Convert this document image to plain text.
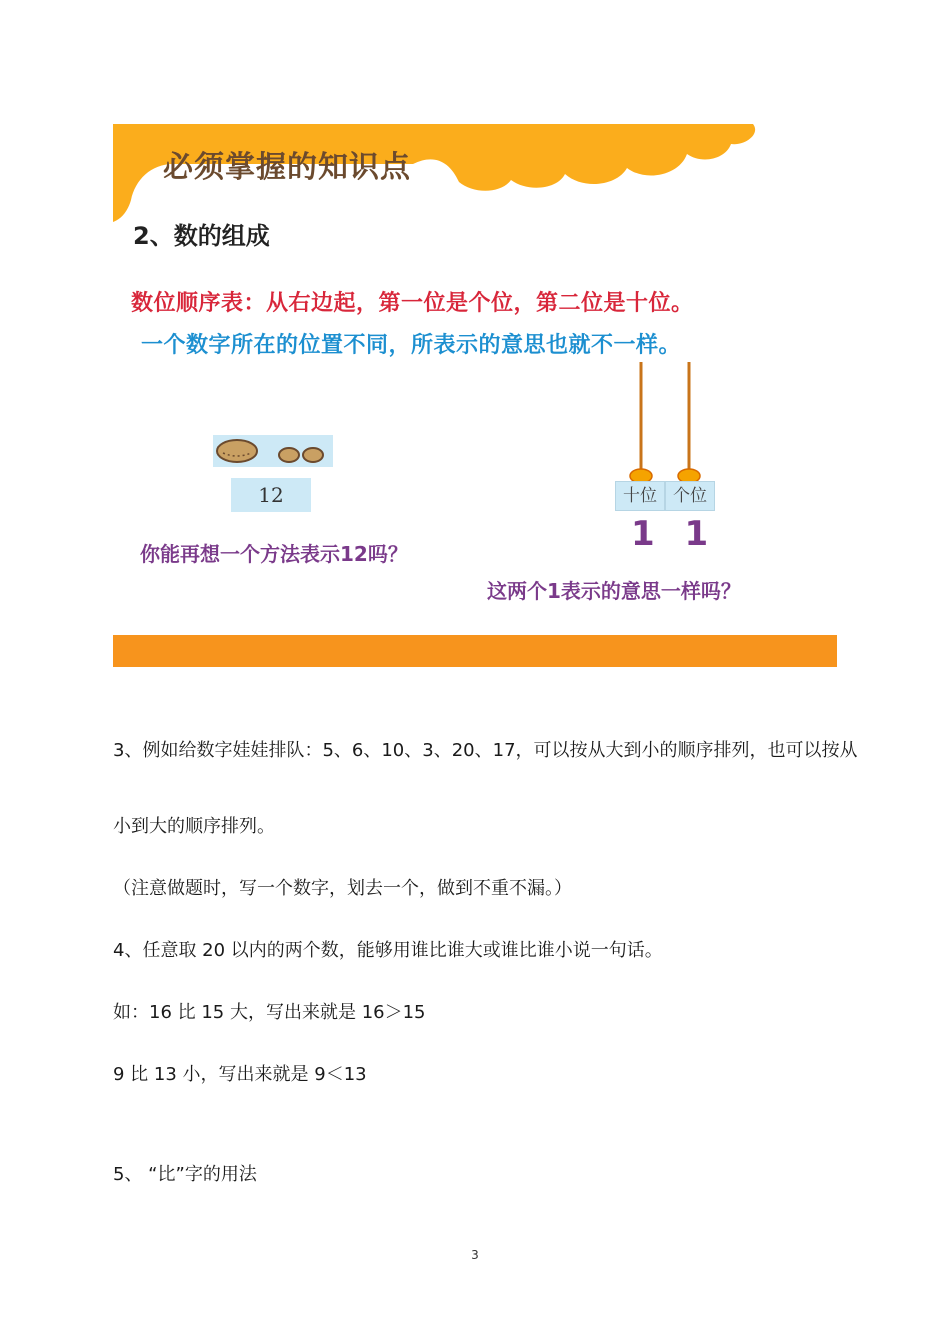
必须掌握的知识点
2、数的组成
数位顺序表：从右边起，第一位是个位，第二位是十位。
一个数字所在的位置不同，所表示的意思也就不一样。
12
你能再想一个方法表示12吗？
十位 个位
1 1
这两个1表示的意思一样吗？
3、例如给数字娃娃排队：5、6、10、3、20、17，可以按从大到小的顺序排列，也可以按从
小到大的顺序排列。
（注意做题时，写一个数字，划去一个，做到不重不漏。）
4、任意取 20 以内的两个数，能够用谁比谁大或谁比谁小说一句话。
如：16 比 15 大，写出来就是 16＞15
9 比 13 小，写出来就是 9＜13
5、 “比”字的用法
3
